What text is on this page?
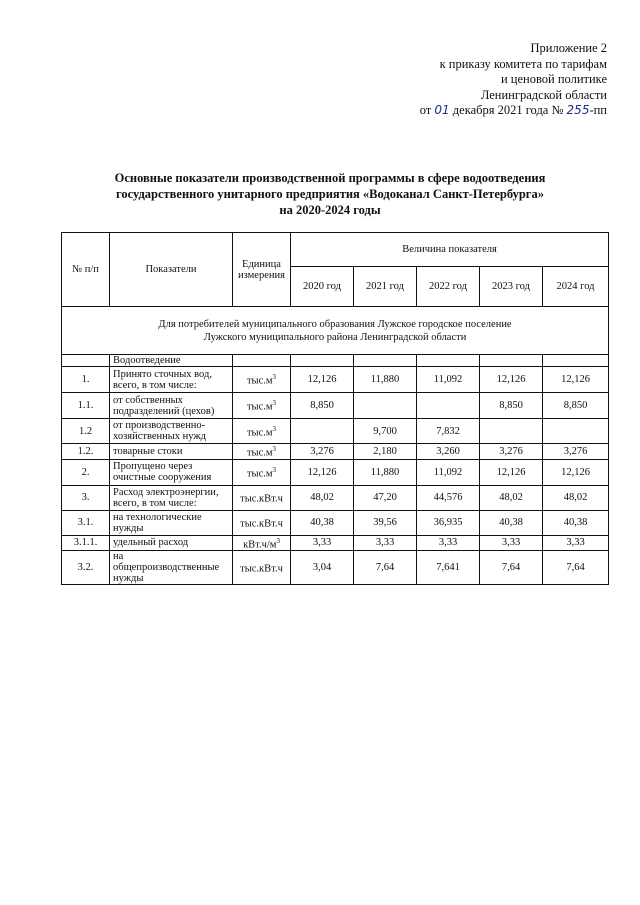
Приложение 2
к приказу комитета по тарифам
и ценовой политике
Ленинградской области
от 01 декабря 2021 года № 255-пп
Основные показатели производственной программы в сфере водоотведения
государственного унитарного предприятия «Водоканал Санкт-Петербурга»
на 2020-2024 годы
№ п/п	Показатели	Единица измерения	Величина показателя				
			2020 год	2021 год	2022 год	2023 год	2024 год

Для потребителей муниципального образования Лужское городское поселение
Лужского муниципального района Ленинградской области							

	Водоотведение						
1.	Принято сточных вод, всего, в том числе:	$тыс.м^3$	12,126	11,880	11,092	12,126	12,126
1.1.	от собственных подразделений (цехов)	$тыс.м^3$	8,850			8,850	8,850
1.2	от производственно-хозяйственных нужд	$тыс.м^3$		9,700	7,832		
1.2.	товарные стоки	$тыс.м^3$	3,276	2,180	3,260	3,276	3,276
2.	Пропущено через очистные сооружения	$тыс.м^3$	12,126	11,880	11,092	12,126	12,126
3.	Расход электроэнергии, всего, в том числе:	тыс.кВт.ч	48,02	47,20	44,576	48,02	48,02
3.1.	на технологические нужды	тыс.кВт.ч	40,38	39,56	36,935	40,38	40,38
3.1.1.	удельный расход	$кВт.ч/м^3$	3,33	3,33	3,33	3,33	3,33
3.2.	на общепроизводственные нужды	тыс.кВт.ч	3,04	7,64	7,641	7,64	7,64
